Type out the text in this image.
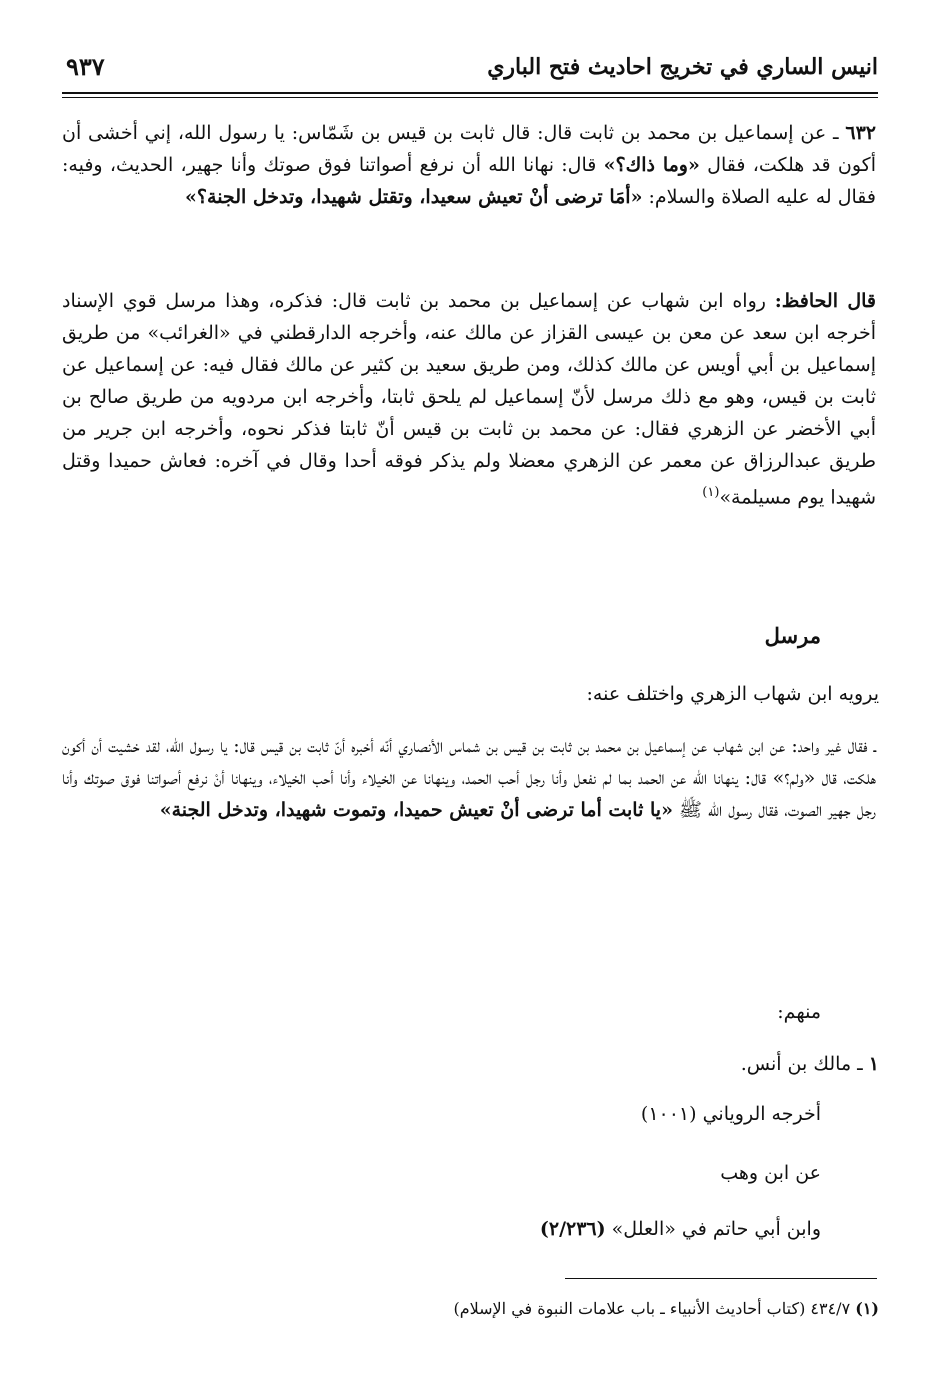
انيس الساري في تخريج احاديث فتح الباري
٩٣٧

٦٣٢ ـ عن إسماعيل بن محمد بن ثابت قال: قال ثابت بن قيس بن شَمّاس: يا رسول الله، إني أخشى أن أكون قد هلكت، فقال «وما ذاك؟» قال: نهانا الله أن نرفع أصواتنا فوق صوتك وأنا جهير، الحديث، وفيه: فقال له عليه الصلاة والسلام: «أمَا ترضى أنْ تعيش سعيدا، وتقتل شهيدا، وتدخل الجنة؟»

قال الحافظ: رواه ابن شهاب عن إسماعيل بن محمد بن ثابت قال: فذكره، وهذا مرسل قوي الإسناد أخرجه ابن سعد عن معن بن عيسى القزاز عن مالك عنه، وأخرجه الدارقطني في «الغرائب» من طريق إسماعيل بن أبي أويس عن مالك كذلك، ومن طريق سعيد بن كثير عن مالك فقال فيه: عن إسماعيل عن ثابت بن قيس، وهو مع ذلك مرسل لأنّ إسماعيل لم يلحق ثابتا، وأخرجه ابن مردويه من طريق صالح بن أبي الأخضر عن الزهري فقال: عن محمد بن ثابت بن قيس أنّ ثابتا فذكر نحوه، وأخرجه ابن جرير من طريق عبدالرزاق عن معمر عن الزهري معضلا ولم يذكر فوقه أحدا وقال في آخره: فعاش حميدا وقتل شهيدا يوم مسيلمة»$^{(١)}$

مرسل

يرويه ابن شهاب الزهري واختلف عنه:

ـ فقال غير واحد: عن ابن شهاب عن إسماعيل بن محمد بن ثابت بن قيس بن شماس الأنصاري أنّه أخبره أنّ ثابت بن قيس قال: يا رسول الله، لقد خشيت أن أكون هلكت، قال «ولم؟» قال: ينهانا الله عن الحمد بما لم نفعل وأنا رجل أحب الحمد، وينهانا عن الخيلاء وأنا أحب الخيلاء، وينهانا أنْ نرفع أصواتنا فوق صوتك وأنا رجل جهير الصوت، فقال رسول الله ﷺ «يا ثابت أما ترضى أنْ تعيش حميدا، وتموت شهيدا، وتدخل الجنة»

منهم:

١ ـ مالك بن أنس.

أخرجه الروياني (١٠٠١)

عن ابن وهب

وابن أبي حاتم في «العلل» (٢/٢٣٦)

(١) ٤٣٤/٧ (كتاب أحاديث الأنبياء ـ باب علامات النبوة في الإسلام)
